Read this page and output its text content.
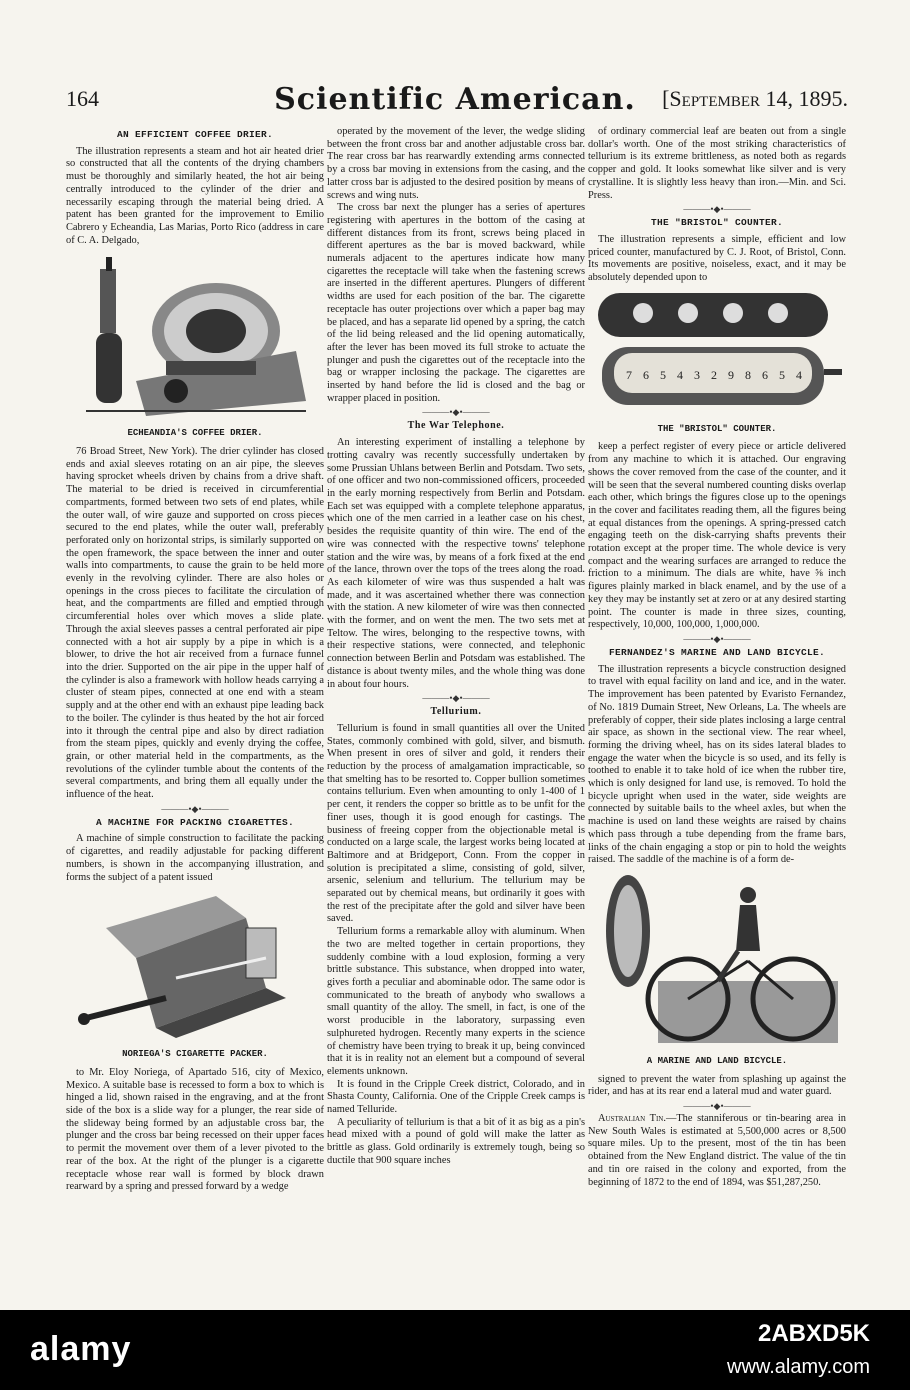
164	Scientific American.	[September 14, 1895.
AN EFFICIENT COFFEE DRIER.

The illustration represents a steam and hot air heated drier so constructed that all the contents of the drying chambers must be thoroughly and similarly heated, the hot air being centrally introduced to the cylinder of the drier and necessarily escaping through the material being dried. A patent has been granted for the improvement to Emilio Cabrero y Echeandia, Las Marias, Porto Rico (address in care of C. A. Delgado,

ECHEANDIA'S COFFEE DRIER.

76 Broad Street, New York). The drier cylinder has closed ends and axial sleeves rotating on an air pipe, the sleeves having sprocket wheels driven by chains from a drive shaft. The material to be dried is received in circumferential compartments, formed between two sets of end plates, while the outer wall, of wire gauze and supported on cross pieces secured to the end plates, while the outer wall, preferably perforated only on horizontal strips, is similarly supported on the open framework, the space between the inner and outer walls into compartments, to cause the grain to be held more evenly in the revolving cylinder. There are also holes or openings in the cross pieces to facilitate the circulation of heat, and the compartments are filled and emptied through circumferential holes over which moves a slide plate. Through the axial sleeves passes a central perforated air pipe connected with a hot air supply by a pipe in which is a blower, to drive the hot air received from a furnace funnel into the drier. Supported on the air pipe in the upper half of the cylinder is also a framework with hollow heads carrying a cluster of steam pipes, connected at one end with a steam supply and at the other end with an exhaust pipe leading back to the boiler. The cylinder is thus heated by the hot air forced into it through the central pipe and also by direct radiation from the steam pipes, quickly and evenly drying the coffee, grain, or other material held in the compartments, as the revolutions of the cylinder tumble about the contents of the several compartments, and bring them all equally under the influence of the heat.

———•◆•———
A MACHINE FOR PACKING CIGARETTES.

A machine of simple construction to facilitate the packing of cigarettes, and readily adjustable for packing different numbers, is shown in the accompanying illustration, and forms the subject of a patent issued

NORIEGA'S CIGARETTE PACKER.

to Mr. Eloy Noriega, of Apartado 516, city of Mexico, Mexico. A suitable base is recessed to form a box to which is hinged a lid, shown raised in the engraving, and at the front side of the box is a slide way for a plunger, the rear side of the slideway being formed by an adjustable cross bar, the plunger and the cross bar being recessed on their upper faces to permit the movement over them of a lever pivoted to the rear of the box. At the right of the plunger is a cigarette receptacle whose rear wall is formed by block drawn rearward by a spring and pressed forward by a wedge

operated by the movement of the lever, the wedge sliding between the front cross bar and another adjustable cross bar. The rear cross bar has rearwardly extending arms connected by a cross bar moving in extensions from the casing, and the latter cross bar is adjusted to the desired position by means of screws and wing nuts.

The cross bar next the plunger has a series of apertures registering with apertures in the bottom of the casing at different distances from its front, screws being placed in different apertures as the bar is moved backward, while numerals adjacent to the apertures indicate how many cigarettes the receptacle will take when the fastening screws are inserted in the different apertures. Plungers of different widths are used for each position of the bar. The cigarette receptacle has outer projections over which a paper bag may be placed, and has a separate lid opened by a spring, the catch of the lid being released and the lid opening automatically, after the lever has been moved its full stroke to actuate the plunger and push the cigarettes out of the receptacle into the bag or wrapper inclosing the package. The cigarettes are inserted by hand before the lid is closed and the bag or wrapper placed in position.

———•◆•———
The War Telephone.

An interesting experiment of installing a telephone by trotting cavalry was recently successfully undertaken by some Prussian Uhlans between Berlin and Potsdam. Two sets, of one officer and two non-commissioned officers, proceeded in the early morning respectively from Berlin and Potsdam. Each set was equipped with a complete telephone apparatus, which one of the men carried in a leather case on his chest, besides the requisite quantity of thin wire. The end of the wire was connected with the respective towns' telephone station and the wire was, by means of a fork fixed at the end of the lance, thrown over the tops of the trees along the road. As each kilometer of wire was thus suspended a halt was made, and it was ascertained whether there was connection with the station. A new kilometer of wire was then connected with the former, and on went the men. The two sets met at Teltow. The wires, belonging to the respective towns, with their respective stations, were connected, and telephonic connection between Berlin and Potsdam was established. The distance is about twenty miles, and the whole thing was done in about four hours.

———•◆•———
Tellurium.

Tellurium is found in small quantities all over the United States, commonly combined with gold, silver, and bismuth. When present in ores of silver and gold, it renders their reduction by the process of amalgamation impracticable, so that smelting has to be resorted to. Copper bullion sometimes contains tellurium. Even when amounting to only 1-400 of 1 per cent, it renders the copper so brittle as to be unfit for the finer uses, though it is good enough for castings. The business of freeing copper from the objectionable metal is conducted on a large scale, the largest works being located at Baltimore and at Bridgeport, Conn. From the copper in solution is precipitated a slime, consisting of gold, silver, arsenic, selenium and tellurium. The tellurium may be separated out by chemical means, but ordinarily it goes with the rest of the precipitate after the gold and silver have been saved.

Tellurium forms a remarkable alloy with aluminum. When the two are melted together in certain proportions, they suddenly combine with a loud explosion, forming a very brittle substance. This substance, when dropped into water, gives forth a peculiar and abominable odor. The same odor is communicated to the breath of anybody who swallows a small quantity of the alloy. The smell, in fact, is one of the worst producible in the laboratory, surpassing even sulphureted hydrogen. Recently many experts in the science of chemistry have been trying to break it up, being convinced that it is in reality not an element but a compound of several elements unknown.

It is found in the Cripple Creek district, Colorado, and in Shasta County, California. One of the Cripple Creek camps is named Telluride.

A peculiarity of tellurium is that a bit of it as big as a pin's head mixed with a pound of gold will make the latter as brittle as glass. Gold ordinarily is extremely tough, being so ductile that 900 square inches

of ordinary commercial leaf are beaten out from a single dollar's worth. One of the most striking characteristics of tellurium is its extreme brittleness, as noted both as regards copper and gold. It looks somewhat like silver and is very crystalline. It is slightly less heavy than iron.—Min. and Sci. Press.

———•◆•———
THE "BRISTOL" COUNTER.

The illustration represents a simple, efficient and low priced counter, manufactured by C. J. Root, of Bristol, Conn. Its movements are positive, noiseless, exact, and it may be absolutely depended upon to

7 6 5 4 3 2 9 8 6 5 4
THE "BRISTOL" COUNTER.

keep a perfect register of every piece or article delivered from any machine to which it is attached. Our engraving shows the cover removed from the case of the counter, and it will be seen that the several numbered counting disks overlap each other, which brings the figures close up to the openings in the cover and facilitates reading them, all the figures being at equal distances from the openings. A spring-pressed catch engaging teeth on the disk-carrying shafts prevents their rotation except at the proper time. The whole device is very compact and the wearing surfaces are arranged to reduce the friction to a minimum. The dials are white, have ⅝ inch figures plainly marked in black enamel, and by the use of a key they may be instantly set at zero or at any desired starting point. The counter is made in three sizes, counting, respectively, 10,000, 100,000, 1,000,000.

———•◆•———
FERNANDEZ'S MARINE AND LAND BICYCLE.

The illustration represents a bicycle construction designed to travel with equal facility on land and ice, and in the water. The improvement has been patented by Evaristo Fernandez, of No. 1819 Dumain Street, New Orleans, La. The wheels are preferably of copper, their side plates inclosing a large central air space, as shown in the sectional view. The rear wheel, forming the driving wheel, has on its sides lateral blades to engage the water when the bicycle is so used, and its felly is toothed to enable it to take hold of ice when the rubber tire, which is only designed for land use, is removed. To hold the bicycle upright when used in the water, side weights are connected by suitable bails to the wheel axles, but when the machine is used on land these weights are raised by chains which pass through a tube depending from the frame bars, links of the chain engaging a stop or pin to hold the weights raised. The saddle of the machine is of a form de-

A MARINE AND LAND BICYCLE.

signed to prevent the water from splashing up against the rider, and has at its rear end a lateral mud and water guard.

———•◆•———

Australian Tin.—The stanniferous or tin-bearing area in New South Wales is estimated at 5,500,000 acres or 8,500 square miles. Up to the present, most of the tin has been obtained from the New England district. The value of the tin and tin ore raised in the colony and exported, from the beginning of 1872 to the end of 1894, was $51,287,250.

alamy	2ABXD5K
www.alamy.com
